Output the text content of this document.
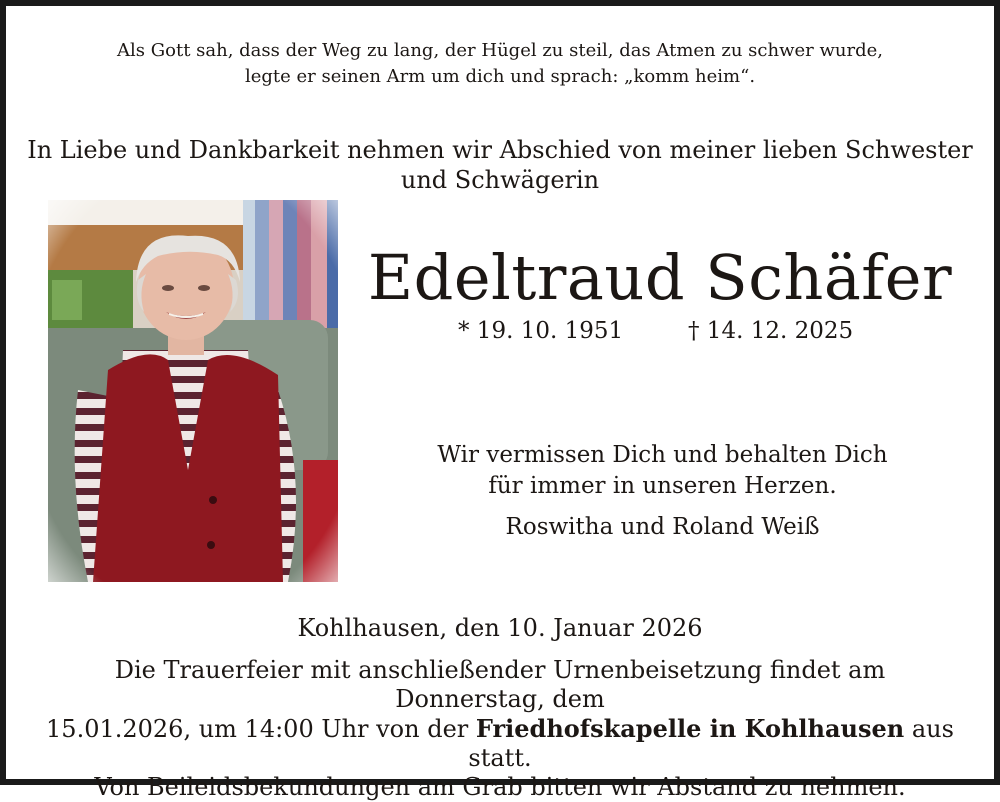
Als Gott sah, dass der Weg zu lang, der Hügel zu steil, das Atmen zu schwer wurde,
legte er seinen Arm um dich und sprach: „komm heim“.
In Liebe und Dankbarkeit nehmen wir Abschied von meiner lieben Schwester
und Schwägerin
Edeltraud Schäfer
* 19. 10. 1951	† 14. 12. 2025
Wir vermissen Dich und behalten Dich
für immer in unseren Herzen.
Roswitha und Roland Weiß
Kohlhausen, den 10. Januar 2026
Die Trauerfeier mit anschließender Urnenbeisetzung findet am Donnerstag, dem
15.01.2026, um 14:00 Uhr von der Friedhofskapelle in Kohlhausen aus statt.
Von Beileidsbekundungen am Grab bitten wir Abstand zu nehmen.
